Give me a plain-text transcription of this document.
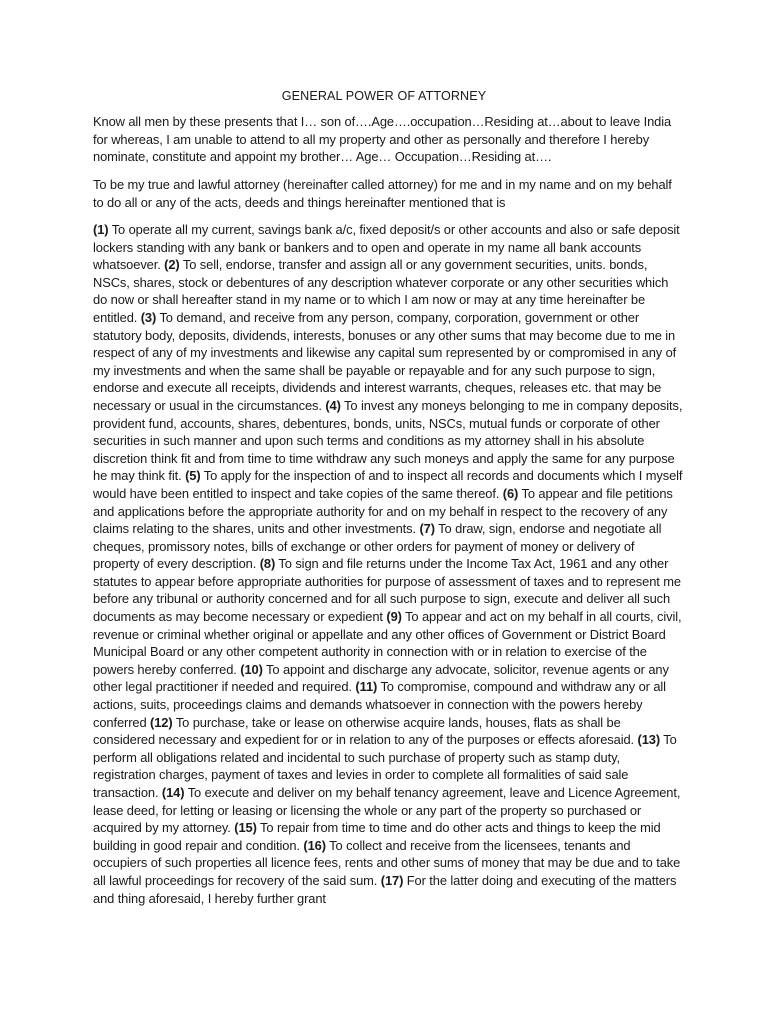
GENERAL POWER OF ATTORNEY

Know all men by these presents that I… son of….Age….occupation…Residing at…about to leave India for whereas, I am unable to attend to all my property and other as personally and therefore I hereby nominate, constitute and appoint my brother… Age… Occupation…Residing at….

To be my true and lawful attorney (hereinafter called attorney) for me and in my name and on my behalf to do all or any of the acts, deeds and things hereinafter mentioned that is

(1) To operate all my current, savings bank a/c, fixed deposit/s or other accounts and also or safe deposit lockers standing with any bank or bankers and to open and operate in my name all bank accounts whatsoever. (2) To sell, endorse, transfer and assign all or any government securities, units. bonds, NSCs, shares, stock or debentures of any description whatever corporate or any other securities which do now or shall hereafter stand in my name or to which I am now or may at any time hereinafter be entitled. (3) To demand, and receive from any person, company, corporation, government or other statutory body, deposits, dividends, interests, bonuses or any other sums that may become due to me in respect of any of my investments and likewise any capital sum represented by or compromised in any of my investments and when the same shall be payable or repayable and for any such purpose to sign, endorse and execute all receipts, dividends and interest warrants, cheques, releases etc. that may be necessary or usual in the circumstances. (4) To invest any moneys belonging to me in company deposits, provident fund, accounts, shares, debentures, bonds, units, NSCs, mutual funds or corporate of other securities in such manner and upon such terms and conditions as my attorney shall in his absolute discretion think fit and from time to time withdraw any such moneys and apply the same for any purpose he may think fit. (5) To apply for the inspection of and to inspect all records and documents which I myself would have been entitled to inspect and take copies of the same thereof. (6) To appear and file petitions and applications before the appropriate authority for and on my behalf in respect to the recovery of any claims relating to the shares, units and other investments. (7) To draw, sign, endorse and negotiate all cheques, promissory notes, bills of exchange or other orders for payment of money or delivery of property of every description. (8) To sign and file returns under the Income Tax Act, 1961 and any other statutes to appear before appropriate authorities for purpose of assessment of taxes and to represent me before any tribunal or authority concerned and for all such purpose to sign, execute and deliver all such documents as may become necessary or expedient (9) To appear and act on my behalf in all courts, civil, revenue or criminal whether original or appellate and any other offices of Government or District Board Municipal Board or any other competent authority in connection with or in relation to exercise of the powers hereby conferred. (10) To appoint and discharge any advocate, solicitor, revenue agents or any other legal practitioner if needed and required. (11) To compromise, compound and withdraw any or all actions, suits, proceedings claims and demands whatsoever in connection with the powers hereby conferred (12) To purchase, take or lease on otherwise acquire lands, houses, flats as shall be considered necessary and expedient for or in relation to any of the purposes or effects aforesaid. (13) To perform all obligations related and incidental to such purchase of property such as stamp duty, registration charges, payment of taxes and levies in order to complete all formalities of said sale transaction. (14) To execute and deliver on my behalf tenancy agreement, leave and Licence Agreement, lease deed, for letting or leasing or licensing the whole or any part of the property so purchased or acquired by my attorney. (15) To repair from time to time and do other acts and things to keep the mid building in good repair and condition. (16) To collect and receive from the licensees, tenants and occupiers of such properties all licence fees, rents and other sums of money that may be due and to take all lawful proceedings for recovery of the said sum. (17) For the latter doing and executing of the matters and thing aforesaid, I hereby further grant
